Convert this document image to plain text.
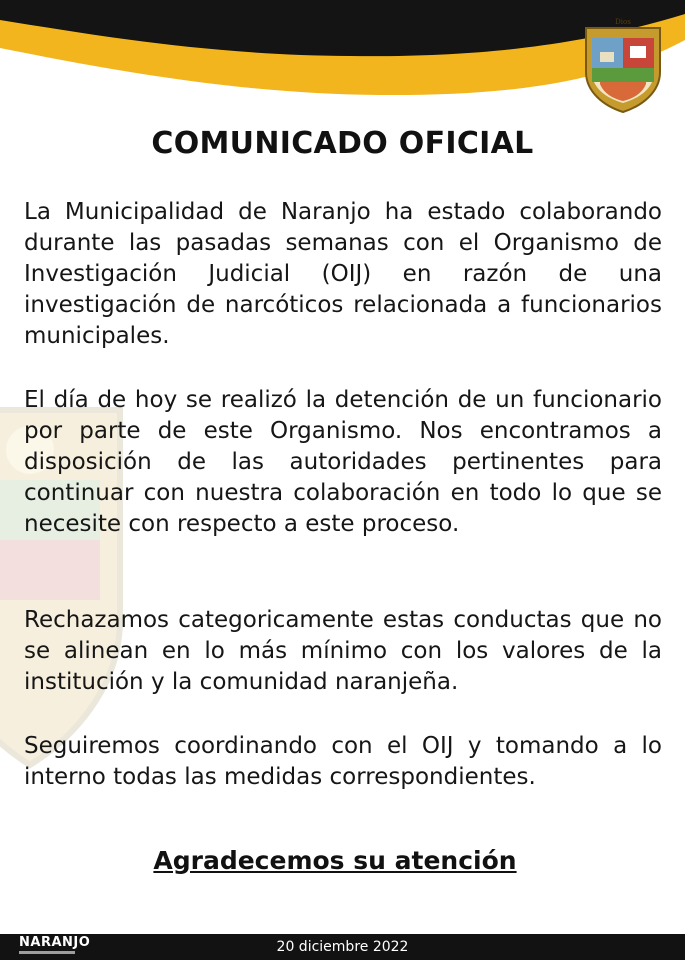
Dios
COMUNICADO OFICIAL

La Municipalidad de Naranjo ha estado colaborando durante las pasadas semanas con el Organismo de Investigación Judicial (OIJ) en razón de una investigación de narcóticos relacionada a funcionarios municipales.

El día de hoy se realizó la detención de un funcionario por parte de este Organismo. Nos encontramos a disposición de las autoridades pertinentes para continuar con nuestra colaboración en todo lo que se necesite con respecto a este proceso.

Rechazamos categoricamente estas conductas que no se alinean en lo más mínimo con los valores de la institución y la comunidad naranjeña.

Seguiremos coordinando con el OIJ y tomando a lo interno todas las medidas correspondientes.

Agradecemos su atención

NARANJO	20 diciembre 2022
